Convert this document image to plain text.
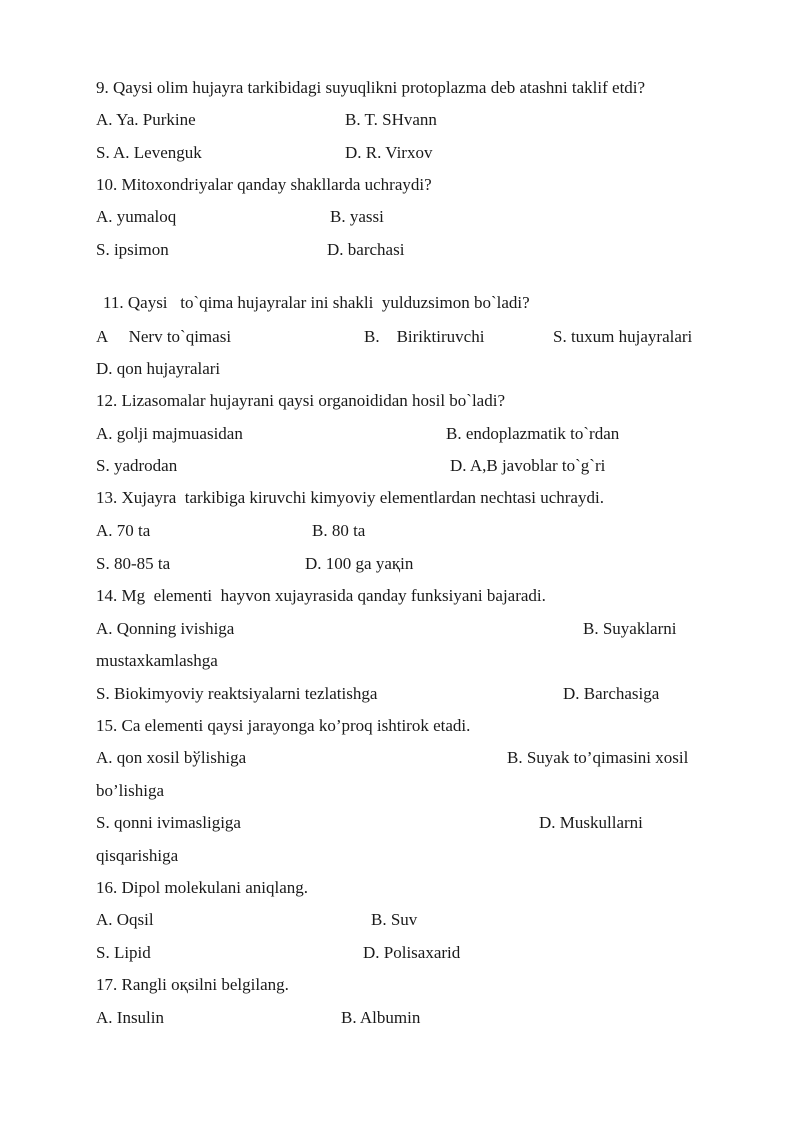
9. Qaysi olim hujayra tarkibidagi suyuqlikni protoplazma deb atashni taklif etdi?
A. Ya. Purkine	B. T. SHvann
S. A. Levenguk	D. R. Virxov
10. Mitoxondriyalar qanday shakllarda uchraydi?
A. yumaloq	B. yassi
S. ipsimon	D. barchasi
11. Qaysi   to`qima hujayralar ini shakli  yulduzsimon bo`ladi?
A     Nerv to`qimasi	B.    Biriktiruvchi	S. tuxum hujayralari
D. qon hujayralari
12. Lizasomalar hujayrani qaysi organoididan hosil bo`ladi?
A. golji majmuasidan	B. endoplazmatik to`rdan
S. yadrodan	D. A,B javoblar to`g`ri
13. Xujayra  tarkibiga kiruvchi kimyoviy elementlardan nechtasi uchraydi.
A. 70 ta	B. 80 ta
S. 80-85 ta	D. 100 ga yaқin
14. Mg  elementi  hayvon xujayrasida qanday funksiyani bajaradi.
A. Qonning ivishiga	B. Suyaklarni
mustaxkamlashga
S. Biokimyoviy reaktsiyalarni tezlatishga	D. Barchasiga
15. Ca elementi qaysi jarayonga ko’proq ishtirok etadi.
A. qon xosil bўlishiga	B. Suyak to’qimasini xosil
bo’lishiga
S. qonni ivimasligiga	D. Muskullarni
qisqarishiga
16. Dipol molekulani aniqlang.
A. Oqsil	B. Suv
S. Lipid	D. Polisaxarid
17. Rangli oқsilni belgilang.
A. Insulin	B. Albumin
